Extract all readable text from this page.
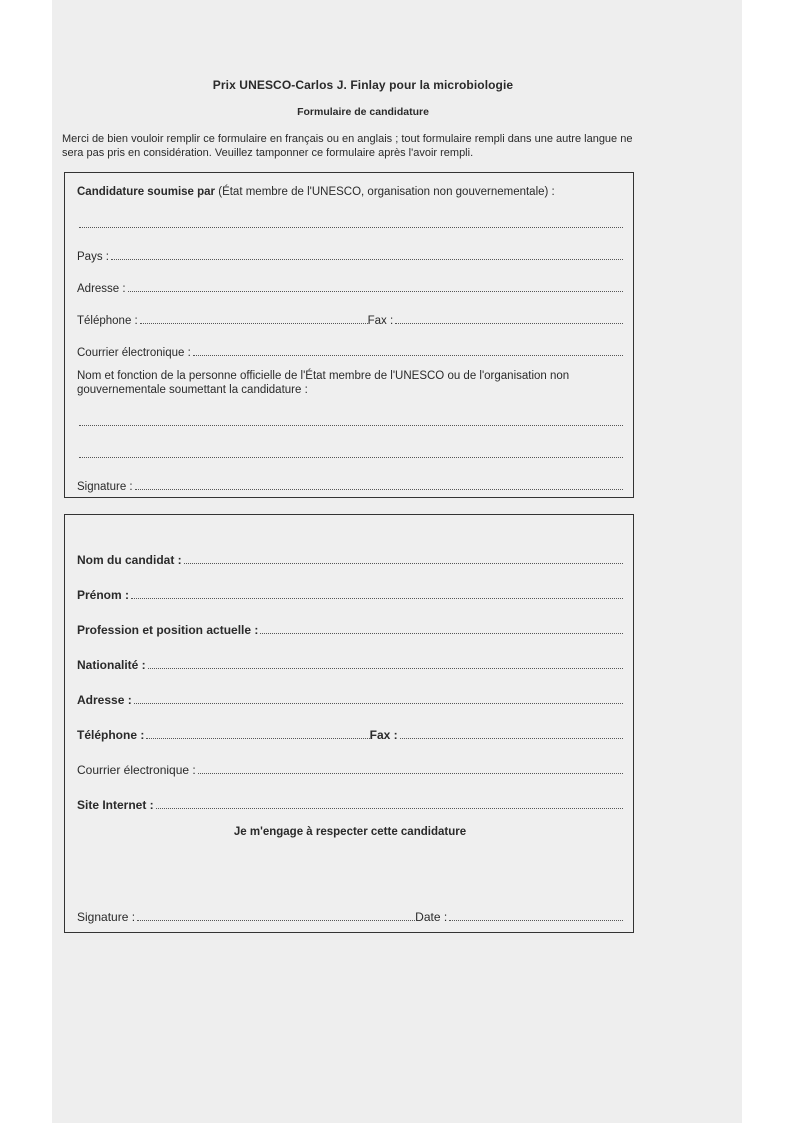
Prix UNESCO-Carlos J. Finlay pour la microbiologie
Formulaire de candidature
Merci de bien vouloir remplir ce formulaire en français ou en anglais ; tout formulaire rempli dans une autre langue ne sera pas pris en considération. Veuillez tamponner ce formulaire après l'avoir rempli.
Candidature soumise par (État membre de l'UNESCO, organisation non gouvernementale) :
Pays :
Adresse :
Téléphone :	Fax :
Courrier électronique :
Nom et fonction de la personne officielle de l'État membre de l'UNESCO ou de l'organisation non gouvernementale soumettant la candidature :
Signature :
Nom du candidat :
Prénom :
Profession et position actuelle :
Nationalité :
Adresse :
Téléphone :	Fax :
Courrier électronique :
Site Internet :
Je m'engage à respecter cette candidature
Signature :	Date :
